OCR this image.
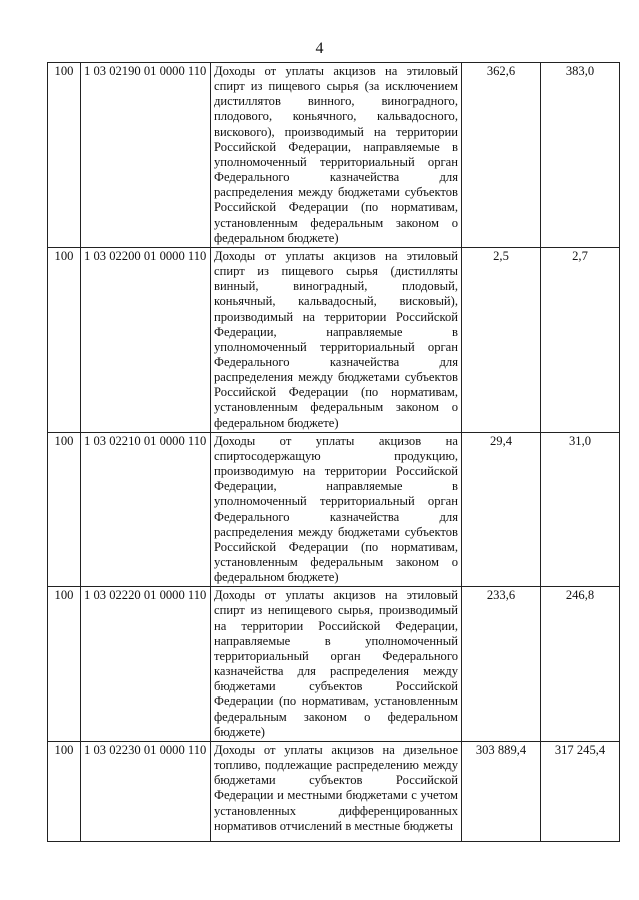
4
100	1 03 02190 01 0000 110	Доходы от уплаты акцизов на этиловый спирт из пищевого сырья (за исключением дистиллятов винного, виноградного, плодового, коньячного, кальвадосного, вискового), производимый на территории Российской Федерации, направляемые в уполномоченный территориальный орган Федерального казначейства для распределения между бюджетами субъектов Российской Федерации (по нормативам, установленным федеральным законом о федеральном бюджете)	362,6	383,0
100	1 03 02200 01 0000 110	Доходы от уплаты акцизов на этиловый спирт из пищевого сырья (дистилляты винный, виноградный, плодовый, коньячный, кальвадосный, висковый), производимый на территории Российской Федерации, направляемые в уполномоченный территориальный орган Федерального казначейства для распределения между бюджетами субъектов Российской Федерации (по нормативам, установленным федеральным законом о федеральном бюджете)	2,5	2,7
100	1 03 02210 01 0000 110	Доходы от уплаты акцизов на спиртосодержащую продукцию, производимую на территории Российской Федерации, направляемые в уполномоченный территориальный орган Федерального казначейства для распределения между бюджетами субъектов Российской Федерации (по нормативам, установленным федеральным законом о федеральном бюджете)	29,4	31,0
100	1 03 02220 01 0000 110	Доходы от уплаты акцизов на этиловый спирт из непищевого сырья, производимый на территории Российской Федерации, направляемые в уполномоченный территориальный орган Федерального казначейства для распределения между бюджетами субъектов Российской Федерации (по нормативам, установленным федеральным законом о федеральном бюджете)	233,6	246,8
100	1 03 02230 01 0000 110	Доходы от уплаты акцизов на дизельное топливо, подлежащие распределению между бюджетами субъектов Российской Федерации и местными бюджетами с учетом установленных дифференцированных нормативов отчислений в местные бюджеты	303 889,4	317 245,4
